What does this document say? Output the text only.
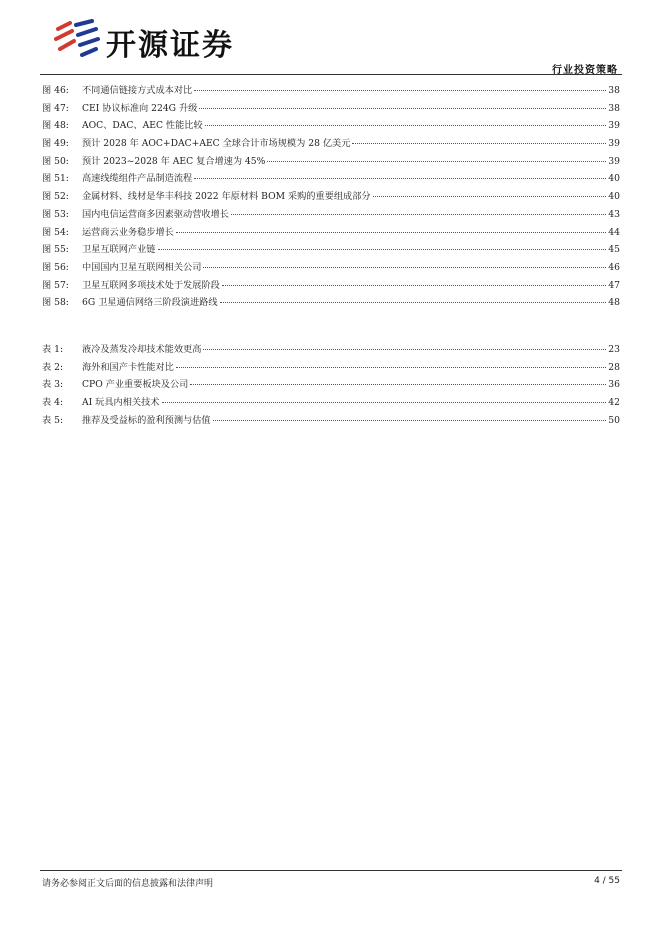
开源证券
行业投资策略
图 46:	不同通信链接方式成本对比	38
图 47:	CEI 协议标准向 224G 升级	38
图 48:	AOC、DAC、AEC 性能比较	39
图 49:	预计 2028 年 AOC+DAC+AEC 全球合计市场规模为 28 亿美元	39
图 50:	预计 2023~2028 年 AEC 复合增速为 45%	39
图 51:	高速线缆组件产品制造流程	40
图 52:	金属材料、线材是华丰科技 2022 年原材料 BOM 采购的重要组成部分	40
图 53:	国内电信运营商多因素驱动营收增长	43
图 54:	运营商云业务稳步增长	44
图 55:	卫星互联网产业链	45
图 56:	中国国内卫星互联网相关公司	46
图 57:	卫星互联网多项技术处于发展阶段	47
图 58:	6G 卫星通信网络三阶段演进路线	48
表 1:	液冷及蒸发冷却技术能效更高	23
表 2:	海外和国产卡性能对比	28
表 3:	CPO 产业重要板块及公司	36
表 4:	AI 玩具内相关技术	42
表 5:	推荐及受益标的盈利预测与估值	50
请务必参阅正文后面的信息披露和法律声明	4 / 55
